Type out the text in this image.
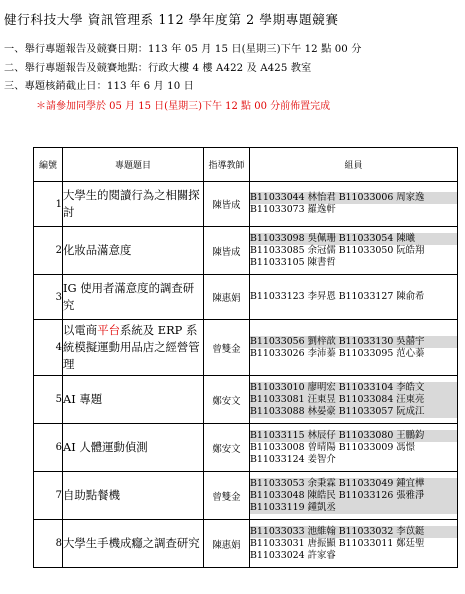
健行科技大學 資訊管理系 112 學年度第 2 學期專題競賽
一、舉行專題報告及競賽日期：113 年 05 月 15 日(星期三)下午 12 點 00 分
二、舉行專題報告及競賽地點：行政大樓 4 樓 A422 及 A425 教室
三、專題核銷截止日：113 年 6 月 10 日
＊請參加同學於 05 月 15 日(星期三)下午 12 點 00 分前佈置完成
編號	專題題目	指導教師	組員
1	大學生的閱讀行為之相關探討	陳皆成	B11033044 林怡君 B11033006 周家逸
B11033073 羅逸軒

2	化妝品滿意度	陳皆成	B11033098 吳佩珊 B11033054 陳曦
B11033085 余冠儒 B11033050 阮皓翔
B11033105 陳書哲

3	IG 使用者滿意度的調查研究	陳惠娟	B11033123 李昇恩 B11033127 陳俞希

4	以電商平台系統及 ERP 系統模擬運動用品店之經營管理	曾雙金	B11033056 劉梓歆 B11033130 吳囍宇
B11033026 李沛蓁 B11033095 范心蓁

5	AI 專題	鄭安文	B11033010 廖明宏 B11033104 李皓文
B11033081 汪東昱 B11033084 汪東亮
B11033088 林晏豪 B11033057 阮成江

6	AI 人體運動偵測	鄭安文	B11033115 林辰仔 B11033080 王鵬鈞
B11033008 曾晴陽 B11033009 馮憬
B11033124 姜智介

7	自助點餐機	曾雙金	B11033053 余秉霖 B11033049 鍾宜樺
B11033048 陳皓民 B11033126 張雅淨
B11033119 鍾凱丞

8	大學生手機成癮之調查研究	陳惠娟	B11033033 池維翰 B11033032 李苡鋌
B11033031 唐振顯 B11033011 鄭廷聖
B11033024 許家睿
